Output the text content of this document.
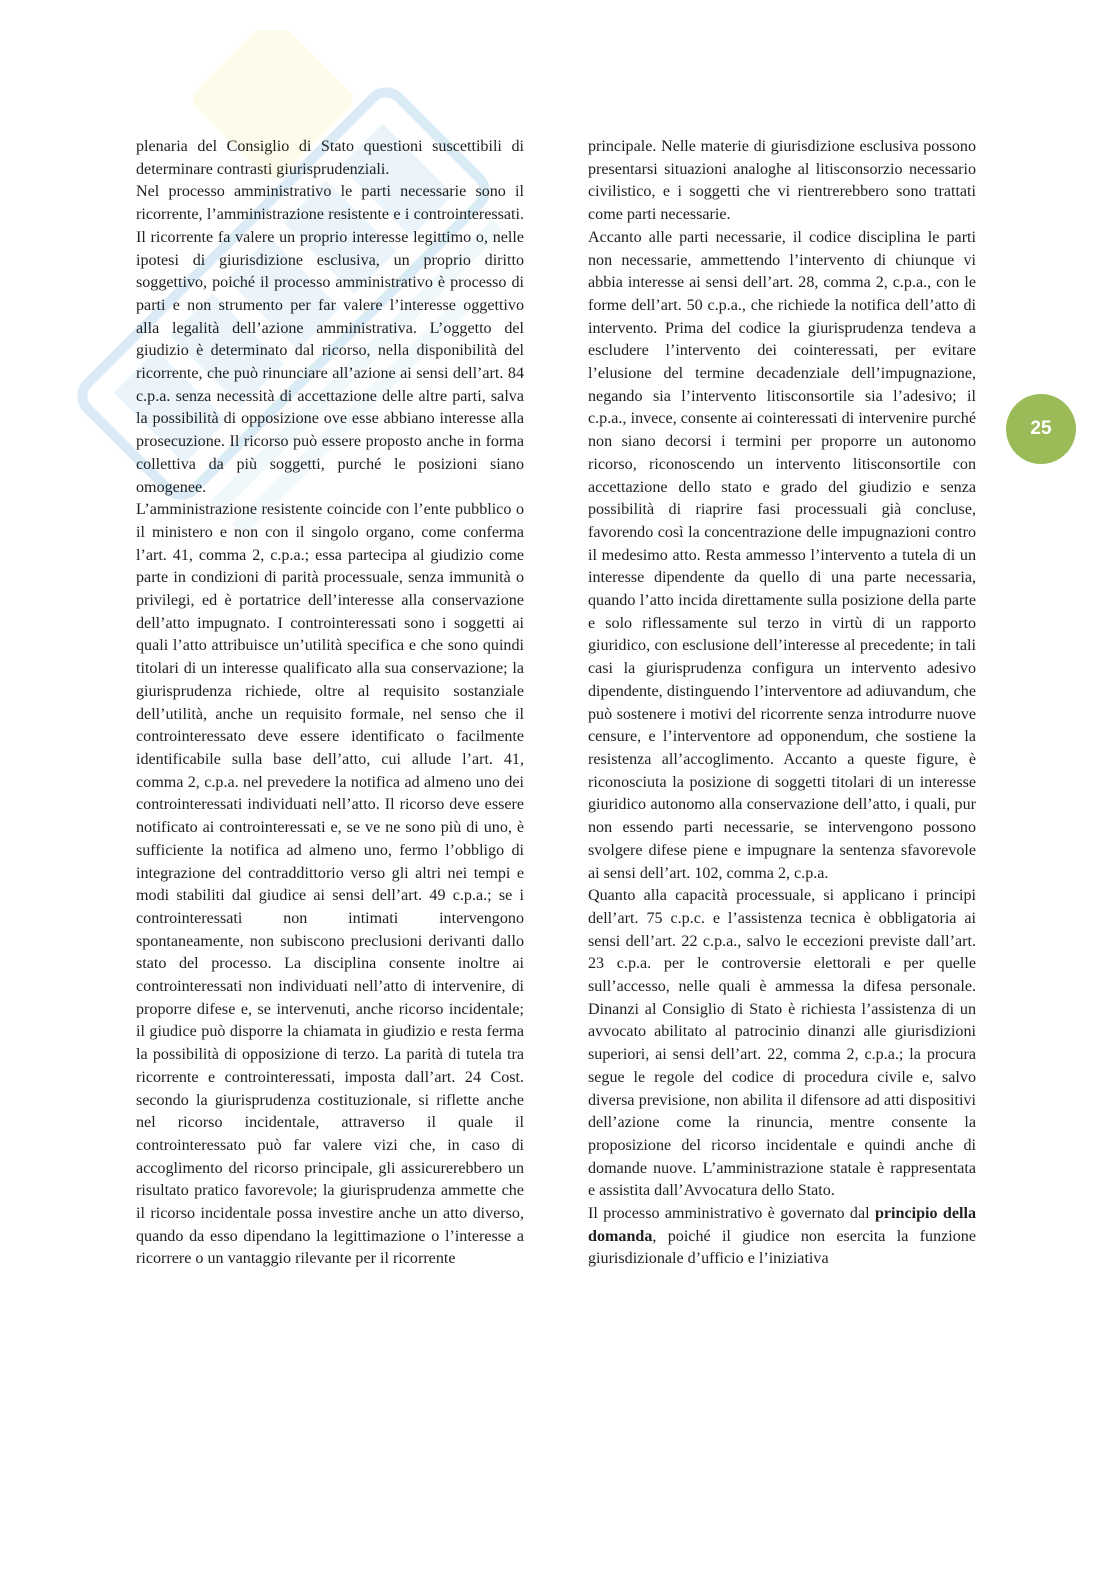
plenaria del Consiglio di Stato questioni suscettibili di determinare contrasti giurisprudenziali.

Nel processo amministrativo le parti necessarie sono il ricorrente, l’amministrazione resistente e i controinteressati. Il ricorrente fa valere un proprio interesse legittimo o, nelle ipotesi di giurisdizione esclusiva, un proprio diritto soggettivo, poiché il processo amministrativo è processo di parti e non strumento per far valere l’interesse oggettivo alla legalità dell’azione amministrativa. L’oggetto del giudizio è determinato dal ricorso, nella disponibilità del ricorrente, che può rinunciare all’azione ai sensi dell’art. 84 c.p.a. senza necessità di accettazione delle altre parti, salva la possibilità di opposizione ove esse abbiano interesse alla prosecuzione. Il ricorso può essere proposto anche in forma collettiva da più soggetti, purché le posizioni siano omogenee.

L’amministrazione resistente coincide con l’ente pubblico o il ministero e non con il singolo organo, come conferma l’art. 41, comma 2, c.p.a.; essa partecipa al giudizio come parte in condizioni di parità processuale, senza immunità o privilegi, ed è portatrice dell’interesse alla conservazione dell’atto impugnato. I controinteressati sono i soggetti ai quali l’atto attribuisce un’utilità specifica e che sono quindi titolari di un interesse qualificato alla sua conservazione; la giurisprudenza richiede, oltre al requisito sostanziale dell’utilità, anche un requisito formale, nel senso che il controinteressato deve essere identificato o facilmente identificabile sulla base dell’atto, cui allude l’art. 41, comma 2, c.p.a. nel prevedere la notifica ad almeno uno dei controinteressati individuati nell’atto. Il ricorso deve essere notificato ai controinteressati e, se ve ne sono più di uno, è sufficiente la notifica ad almeno uno, fermo l’obbligo di integrazione del contraddittorio verso gli altri nei tempi e modi stabiliti dal giudice ai sensi dell’art. 49 c.p.a.; se i controinteressati non intimati intervengono spontaneamente, non subiscono preclusioni derivanti dallo stato del processo. La disciplina consente inoltre ai controinteressati non individuati nell’atto di intervenire, di proporre difese e, se intervenuti, anche ricorso incidentale; il giudice può disporre la chiamata in giudizio e resta ferma la possibilità di opposizione di terzo. La parità di tutela tra ricorrente e controinteressati, imposta dall’art. 24 Cost. secondo la giurisprudenza costituzionale, si riflette anche nel ricorso incidentale, attraverso il quale il controinteressato può far valere vizi che, in caso di accoglimento del ricorso principale, gli assicurerebbero un risultato pratico favorevole; la giurisprudenza ammette che il ricorso incidentale possa investire anche un atto diverso, quando da esso dipendano la legittimazione o l’interesse a ricorrere o un vantaggio rilevante per il ricorrente

principale. Nelle materie di giurisdizione esclusiva possono presentarsi situazioni analoghe al litisconsorzio necessario civilistico, e i soggetti che vi rientrerebbero sono trattati come parti necessarie.

Accanto alle parti necessarie, il codice disciplina le parti non necessarie, ammettendo l’intervento di chiunque vi abbia interesse ai sensi dell’art. 28, comma 2, c.p.a., con le forme dell’art. 50 c.p.a., che richiede la notifica dell’atto di intervento. Prima del codice la giurisprudenza tendeva a escludere l’intervento dei cointeressati, per evitare l’elusione del termine decadenziale dell’impugnazione, negando sia l’intervento litisconsortile sia l’adesivo; il c.p.a., invece, consente ai cointeressati di intervenire purché non siano decorsi i termini per proporre un autonomo ricorso, riconoscendo un intervento litisconsortile con accettazione dello stato e grado del giudizio e senza possibilità di riaprire fasi processuali già concluse, favorendo così la concentrazione delle impugnazioni contro il medesimo atto. Resta ammesso l’intervento a tutela di un interesse dipendente da quello di una parte necessaria, quando l’atto incida direttamente sulla posizione della parte e solo riflessamente sul terzo in virtù di un rapporto giuridico, con esclusione dell’interesse al precedente; in tali casi la giurisprudenza configura un intervento adesivo dipendente, distinguendo l’interventore ad adiuvandum, che può sostenere i motivi del ricorrente senza introdurre nuove censure, e l’interventore ad opponendum, che sostiene la resistenza all’accoglimento. Accanto a queste figure, è riconosciuta la posizione di soggetti titolari di un interesse giuridico autonomo alla conservazione dell’atto, i quali, pur non essendo parti necessarie, se intervengono possono svolgere difese piene e impugnare la sentenza sfavorevole ai sensi dell’art. 102, comma 2, c.p.a.

Quanto alla capacità processuale, si applicano i principi dell’art. 75 c.p.c. e l’assistenza tecnica è obbligatoria ai sensi dell’art. 22 c.p.a., salvo le eccezioni previste dall’art. 23 c.p.a. per le controversie elettorali e per quelle sull’accesso, nelle quali è ammessa la difesa personale. Dinanzi al Consiglio di Stato è richiesta l’assistenza di un avvocato abilitato al patrocinio dinanzi alle giurisdizioni superiori, ai sensi dell’art. 22, comma 2, c.p.a.; la procura segue le regole del codice di procedura civile e, salvo diversa previsione, non abilita il difensore ad atti dispositivi dell’azione come la rinuncia, mentre consente la proposizione del ricorso incidentale e quindi anche di domande nuove. L’amministrazione statale è rappresentata e assistita dall’Avvocatura dello Stato.

Il processo amministrativo è governato dal principio della domanda, poiché il giudice non esercita la funzione giurisdizionale d’ufficio e l’iniziativa

25
